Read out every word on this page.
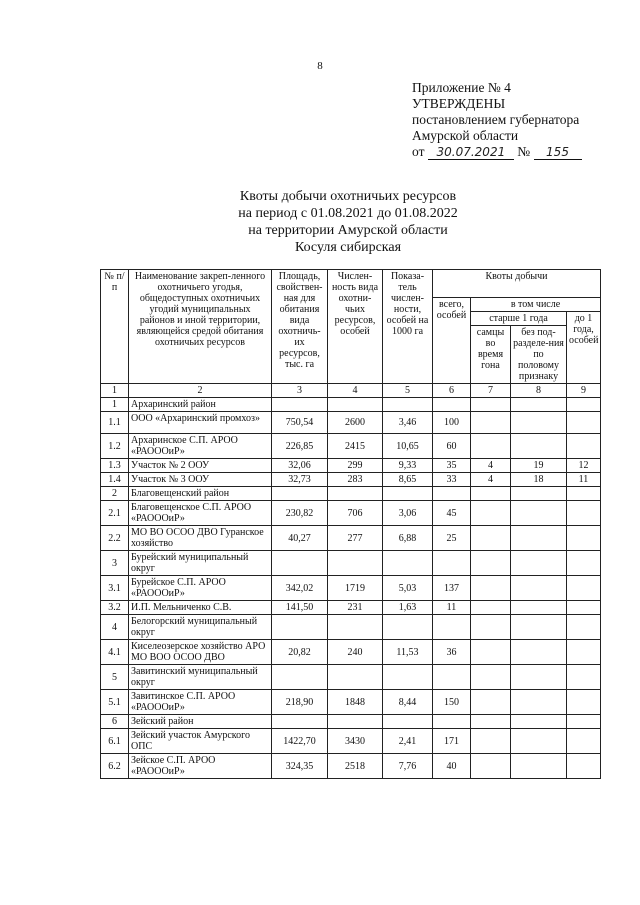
8
Приложение № 4
УТВЕРЖДЕНЫ
постановлением губернатора
Амурской области
от 30.07.2021 № 155
Квоты добычи охотничьих ресурсов
на период с 01.08.2021 до 01.08.2022
на территории Амурской области
Косуля сибирская
№ п/п	Наименование закреп-ленного охотничьего угодья, общедоступных охотничьих угодий муниципальных районов и иной территории, являющейся средой обитания охотничьих ресурсов	Площадь, свойствен-ная для обитания вида охотничь-их ресурсов, тыс. га	Числен-ность вида охотни-чьих ресурсов, особей	Показа-тель числен-ности, особей на 1000 га	Квоты добычи			
					всего, особей	в том числе		
						старше 1 года		до 1 года, особей
						самцы во время гона	без под-разделе-ния по половому признаку	
1	2	3	4	5	6	7	8	9
1	Архаринский район							
1.1	ООО «Архаринский промхоз»	750,54	2600	3,46	100			
1.2	Архаринское С.П. АРОО «РАОООиР»	226,85	2415	10,65	60			
1.3	Участок № 2 ООУ	32,06	299	9,33	35	4	19	12
1.4	Участок № 3 ООУ	32,73	283	8,65	33	4	18	11
2	Благовещенский район							
2.1	Благовещенское С.П. АРОО «РАОООиР»	230,82	706	3,06	45			
2.2	МО ВО ОСОО ДВО Гуранское хозяйство	40,27	277	6,88	25			
3	Бурейский муниципальный округ							
3.1	Бурейское С.П. АРОО «РАОООиР»	342,02	1719	5,03	137			
3.2	И.П. Мельниченко С.В.	141,50	231	1,63	11			
4	Белогорский муниципальный округ							
4.1	Киселеозерское хозяйство АРО МО ВОО ОСОО ДВО	20,82	240	11,53	36			
5	Завитинский муниципальный округ							
5.1	Завитинское С.П. АРОО «РАОООиР»	218,90	1848	8,44	150			
6	Зейский район							
6.1	Зейский участок Амурского ОПС	1422,70	3430	2,41	171			
6.2	Зейское С.П. АРОО «РАОООиР»	324,35	2518	7,76	40			
